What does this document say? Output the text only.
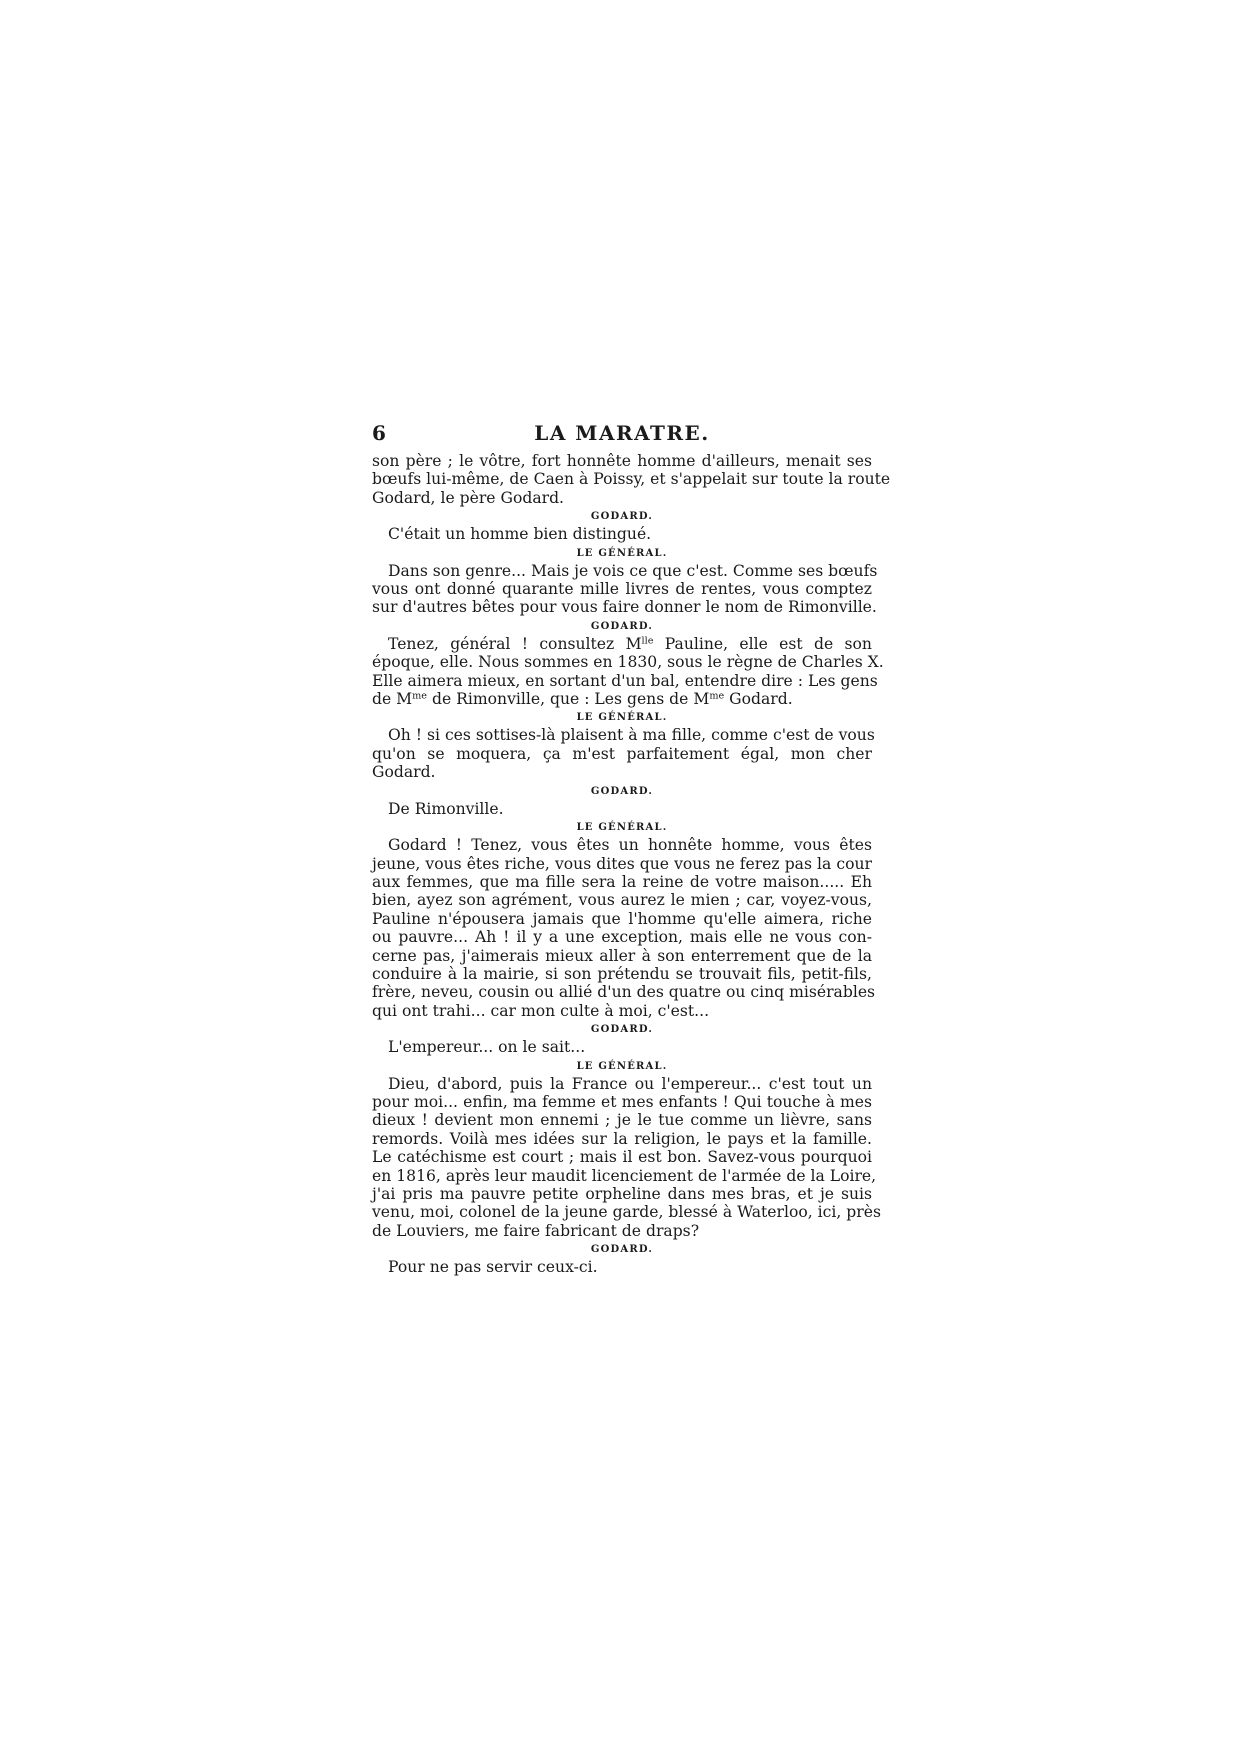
6	LA MARATRE.
son père ; le vôtre, fort honnête homme d'ailleurs, menait ses
bœufs lui-même, de Caen à Poissy, et s'appelait sur toute la route
Godard, le père Godard.
GODARD.
C'était un homme bien distingué.
LE GÉNÉRAL.
Dans son genre... Mais je vois ce que c'est. Comme ses bœufs
vous ont donné quarante mille livres de rentes, vous comptez
sur d'autres bêtes pour vous faire donner le nom de Rimonville.
GODARD.
Tenez, général ! consultez $M^{lle}$ Pauline, elle est de son
époque, elle. Nous sommes en 1830, sous le règne de Charles X.
Elle aimera mieux, en sortant d'un bal, entendre dire : Les gens
de $M^{me}$ de Rimonville, que : Les gens de $M^{me}$ Godard.
LE GÉNÉRAL.
Oh ! si ces sottises-là plaisent à ma fille, comme c'est de vous
qu'on se moquera, ça m'est parfaitement égal, mon cher
Godard.
GODARD.
De Rimonville.
LE GÉNÉRAL.
Godard ! Tenez, vous êtes un honnête homme, vous êtes
jeune, vous êtes riche, vous dites que vous ne ferez pas la cour
aux femmes, que ma fille sera la reine de votre maison..... Eh
bien, ayez son agrément, vous aurez le mien ; car, voyez-vous,
Pauline n'épousera jamais que l'homme qu'elle aimera, riche
ou pauvre... Ah ! il y a une exception, mais elle ne vous con-
cerne pas, j'aimerais mieux aller à son enterrement que de la
conduire à la mairie, si son prétendu se trouvait fils, petit-fils,
frère, neveu, cousin ou allié d'un des quatre ou cinq misérables
qui ont trahi... car mon culte à moi, c'est...
GODARD.
L'empereur... on le sait...
LE GÉNÉRAL.
Dieu, d'abord, puis la France ou l'empereur... c'est tout un
pour moi... enfin, ma femme et mes enfants ! Qui touche à mes
dieux ! devient mon ennemi ; je le tue comme un lièvre, sans
remords. Voilà mes idées sur la religion, le pays et la famille.
Le catéchisme est court ; mais il est bon. Savez-vous pourquoi
en 1816, après leur maudit licenciement de l'armée de la Loire,
j'ai pris ma pauvre petite orpheline dans mes bras, et je suis
venu, moi, colonel de la jeune garde, blessé à Waterloo, ici, près
de Louviers, me faire fabricant de draps?
GODARD.
Pour ne pas servir ceux-ci.
